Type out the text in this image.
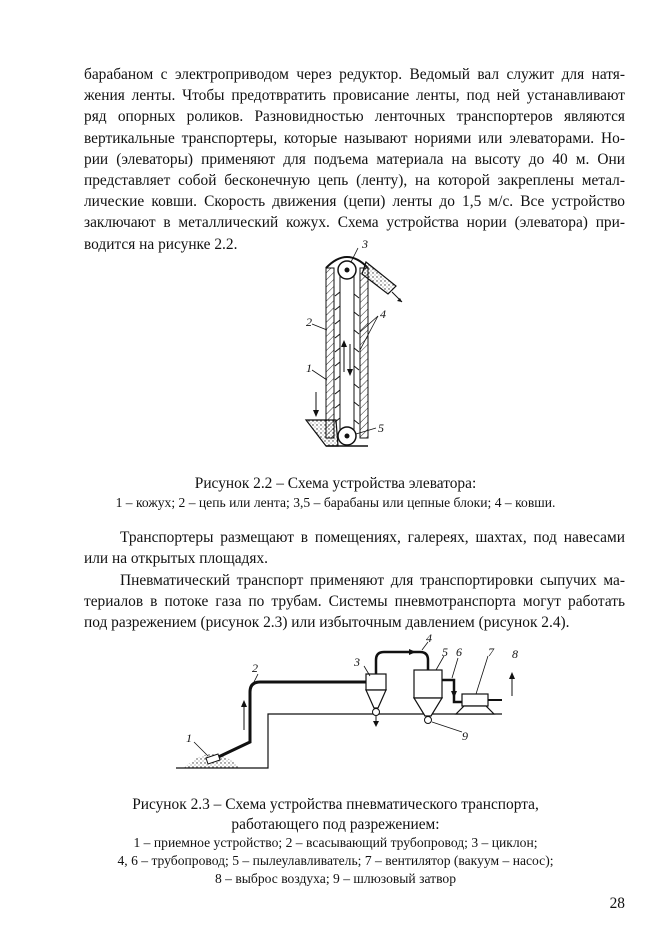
барабаном с электроприводом через редуктор. Ведомый вал служит для натя-
жения ленты. Чтобы предотвратить провисание ленты, под ней устанавливают
ряд опорных роликов. Разновидностью ленточных транспортеров являются
вертикальные транспортеры, которые называют нориями или элеваторами. Но-
рии (элеваторы) применяют для подъема материала на высоту до 40 м. Они
представляет собой бесконечную цепь (ленту), на которой закреплены метал-
лические ковши. Скорость движения (цепи) ленты до 1,5 м/с. Все устройство
заключают в металлический кожух. Схема устройства нории (элеватора) при-
водится на рисунке 2.2.	3
2
4
1
5

Рисунок 2.2 – Схема устройства элеватора:

1 – кожух; 2 – цепь или лента; 3,5 – барабаны или цепные блоки; 4 – ковши.

Транспортеры размещают в помещениях, галереях, шахтах, под навесами
или на открытых площадях.

Пневматический транспорт применяют для транспортировки сыпучих ма-
териалов в потоке газа по трубам. Системы пневмотранспорта могут работать
под разрежением (рисунок 2.3) или избыточным давлением (рисунок 2.4).

1
2	3
4
5 6 7 8
9

Рисунок 2.3 – Схема устройства пневматического транспорта,

работающего под разрежением:

1 – приемное устройство; 2 – всасывающий трубопровод; 3 – циклон;

4, 6 – трубопровод; 5 – пылеулавливатель; 7 – вентилятор (вакуум – насос);

8 – выброс воздуха; 9 – шлюзовый затвор

28
